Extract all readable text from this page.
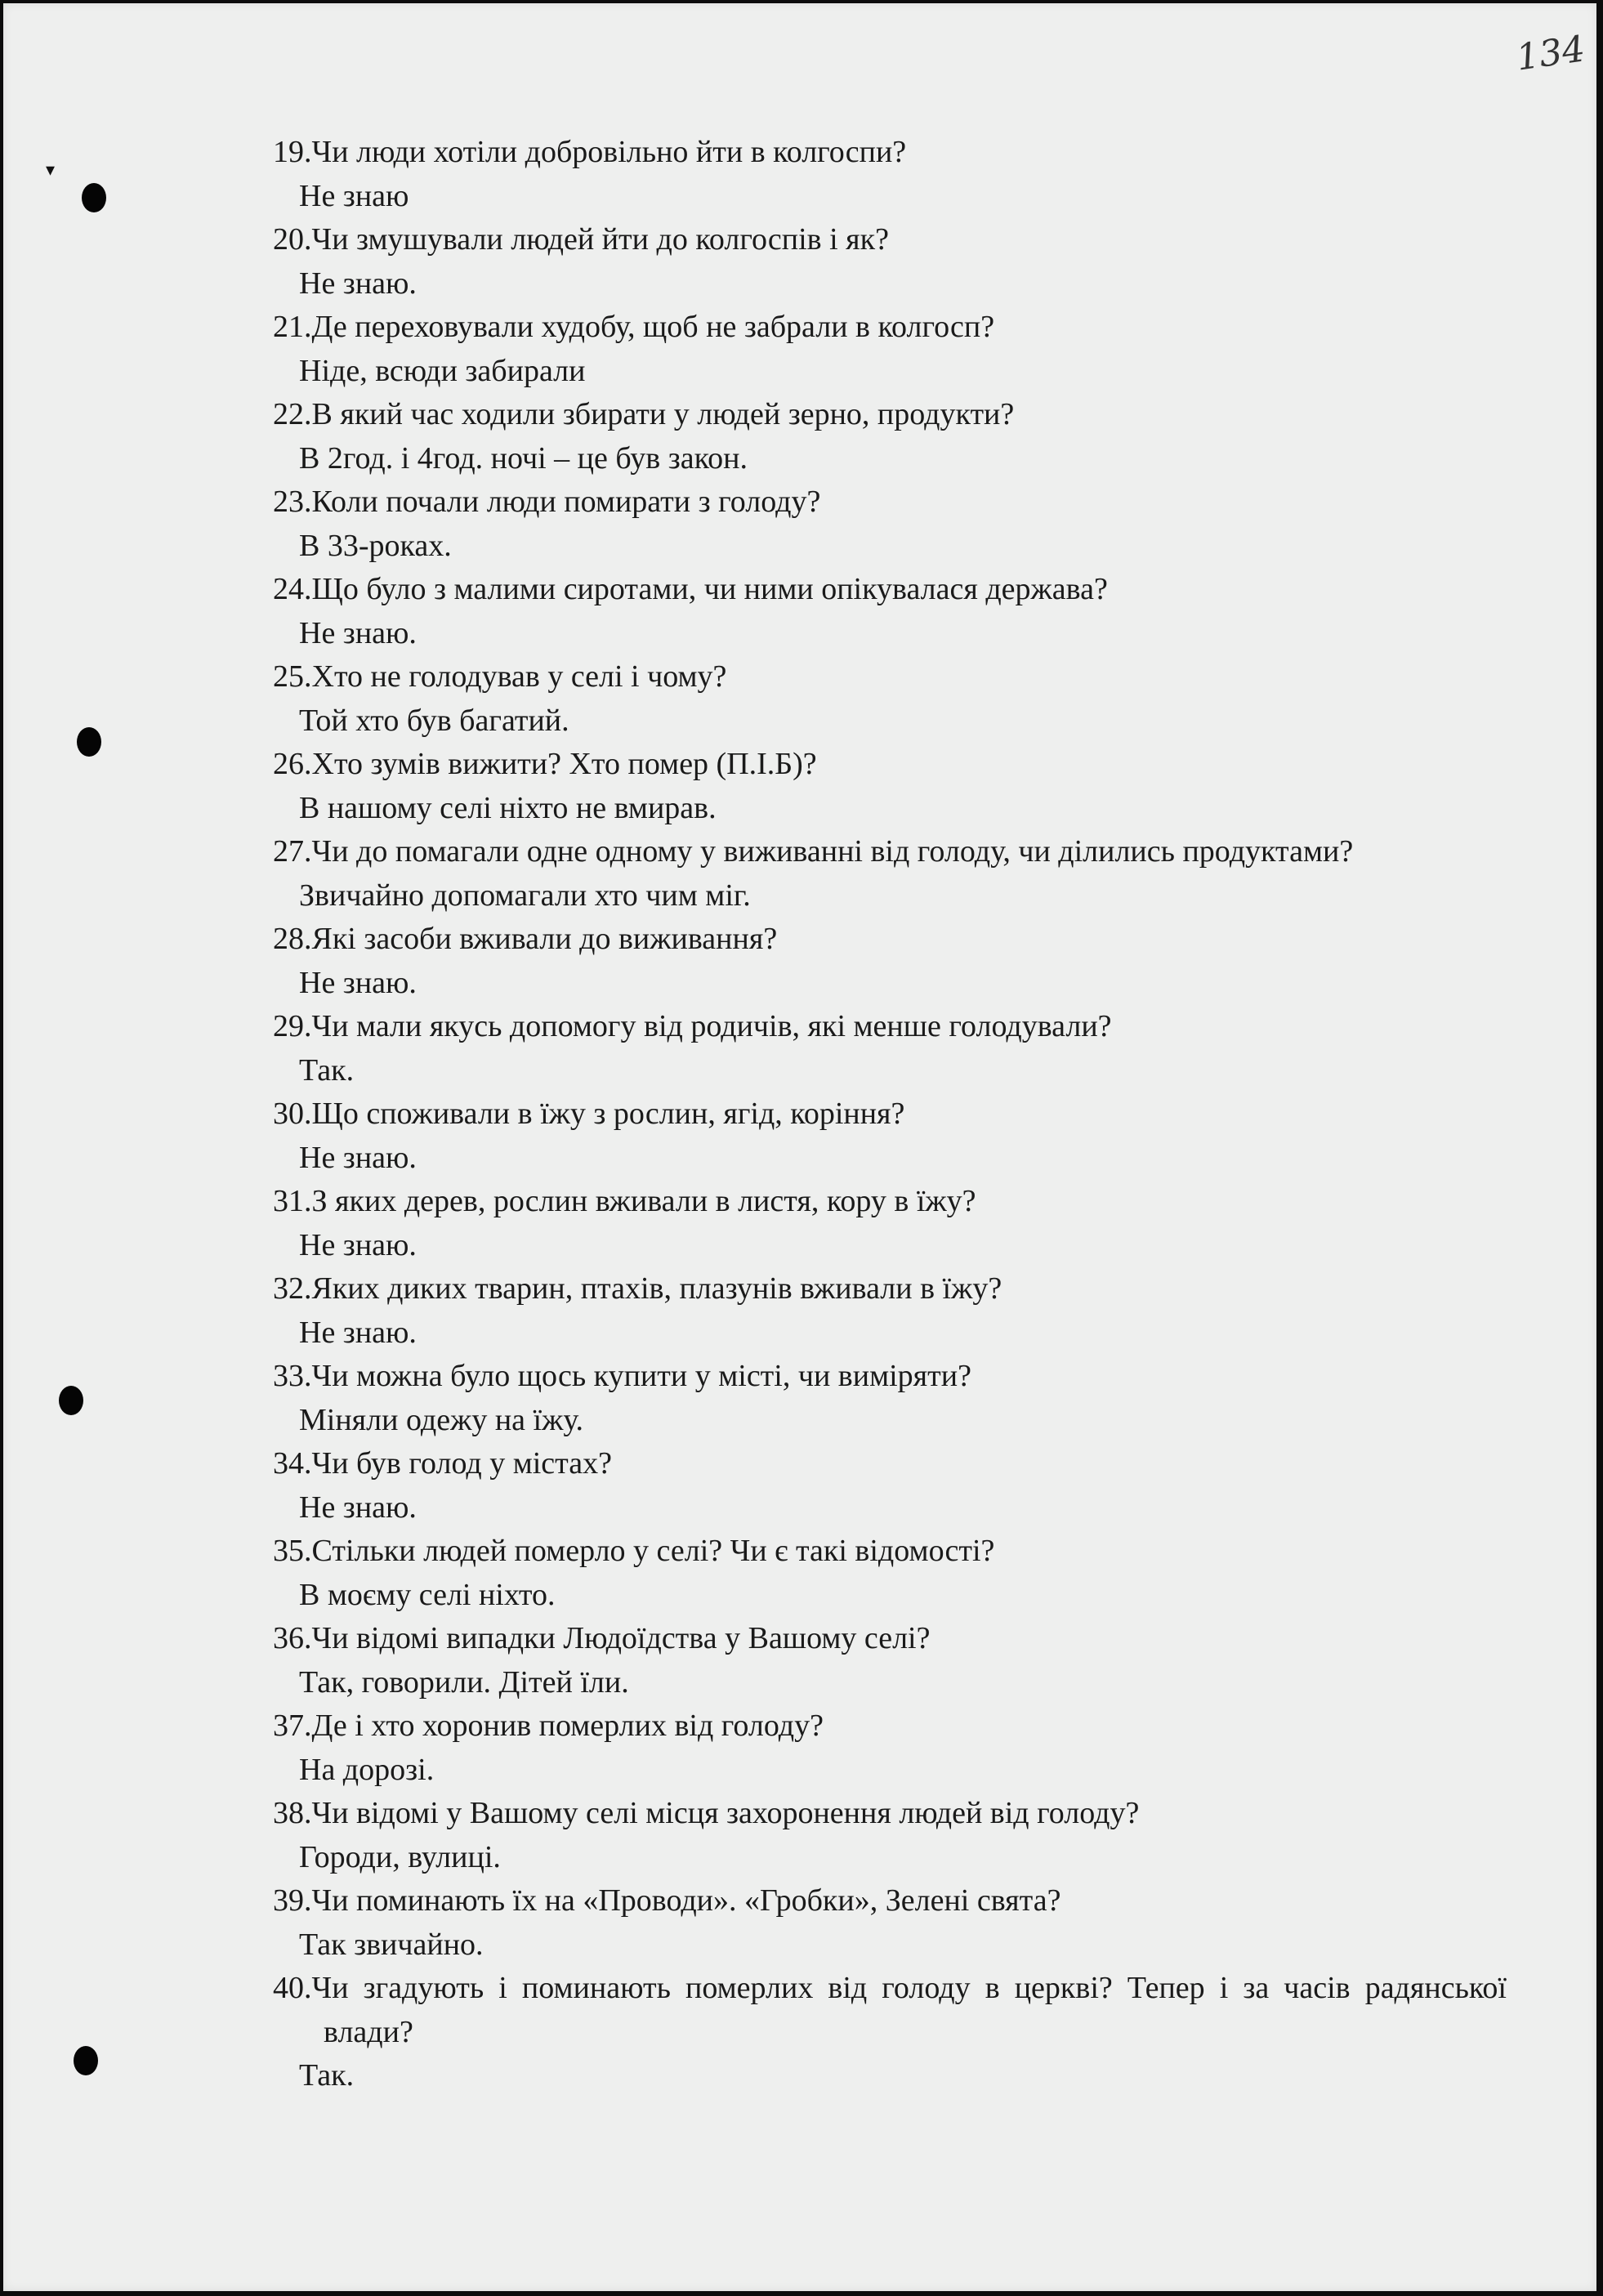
134
▾
19.Чи люди хотіли добровільно йти в колгоспи?
Не знаю
20.Чи змушували людей йти до колгоспів і як?
Не знаю.
21.Де переховували худобу, щоб не забрали в колгосп?
Ніде, всюди забирали
22.В який час ходили збирати у людей зерно, продукти?
В 2год. і 4год. ночі – це був закон.
23.Коли почали люди помирати з голоду?
В 33-роках.
24.Що було з малими сиротами, чи ними опікувалася держава?
Не знаю.
25.Хто не голодував у селі і чому?
Той хто був багатий.
26.Хто зумів вижити? Хто помер (П.І.Б)?
В нашому селі ніхто не вмирав.
27.Чи до помагали одне одному у виживанні від голоду, чи ділились продуктами?
Звичайно допомагали хто чим міг.
28.Які засоби вживали до виживання?
Не знаю.
29.Чи мали якусь допомогу від родичів, які менше голодували?
Так.
30.Що споживали в їжу з рослин, ягід, коріння?
Не знаю.
31.З яких дерев, рослин вживали в листя, кору в їжу?
Не знаю.
32.Яких диких тварин, птахів, плазунів вживали в їжу?
Не знаю.
33.Чи можна було щось купити у місті, чи виміряти?
Міняли одежу на їжу.
34.Чи був голод у містах?
Не знаю.
35.Стільки людей померло у селі? Чи є такі відомості?
В моєму селі ніхто.
36.Чи відомі випадки Людоїдства у Вашому селі?
Так, говорили. Дітей їли.
37.Де і хто хоронив померлих від голоду?
На дорозі.
38.Чи відомі у Вашому селі місця захоронення людей від голоду?
Городи, вулиці.
39.Чи поминають їх на «Проводи». «Гробки», Зелені свята?
Так звичайно.
40.Чи згадують і поминають померлих від голоду в церкві? Тепер і за часів радянської влади?
Так.
